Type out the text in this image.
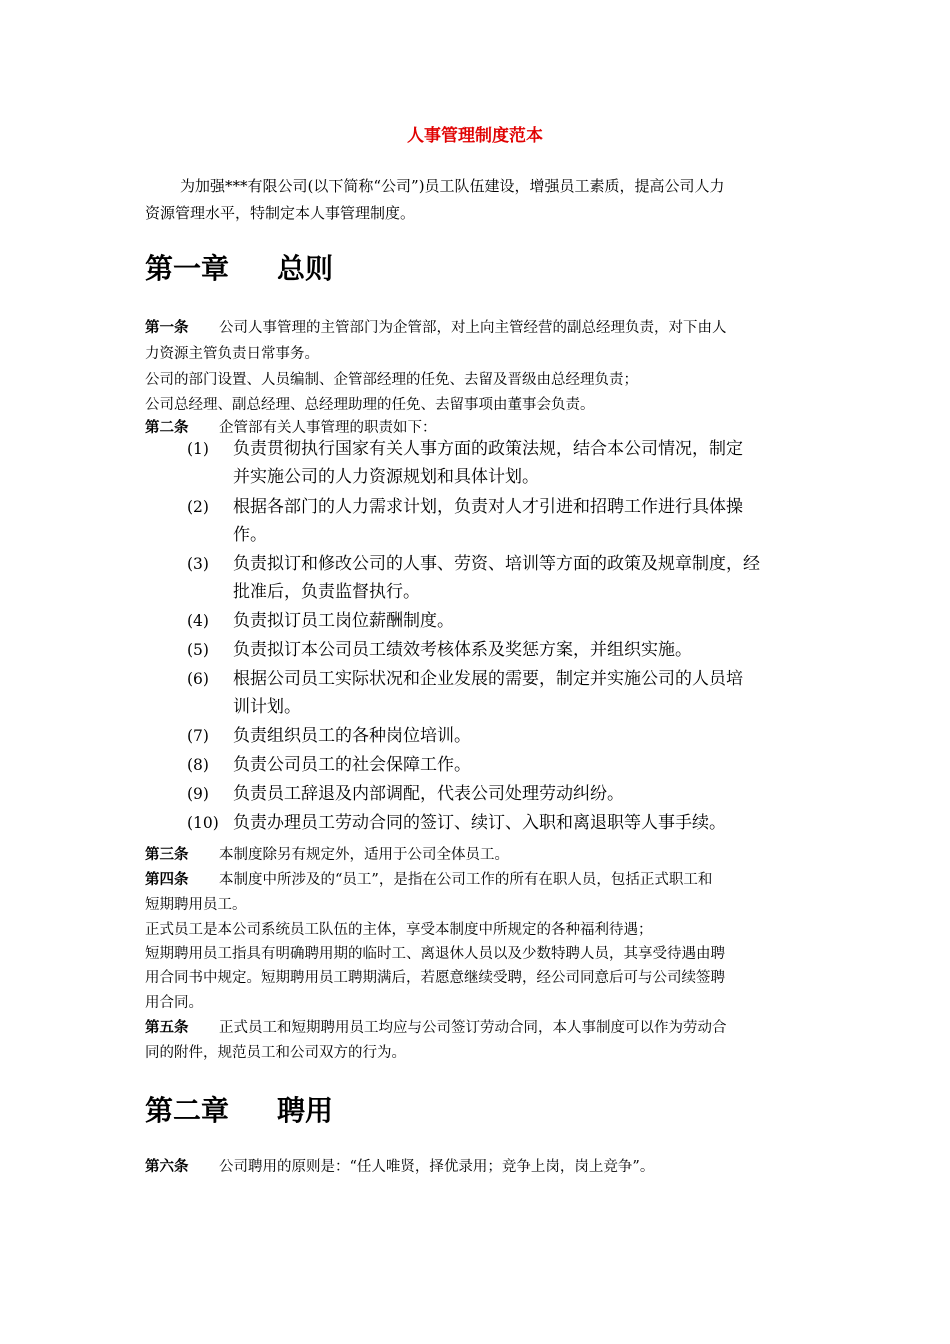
人事管理制度范本
为加强***有限公司(以下简称“公司”)员工队伍建设，增强员工素质，提高公司人力
资源管理水平，特制定本人事管理制度。
第一章 总则
第一条 公司人事管理的主管部门为企管部，对上向主管经营的副总经理负责，对下由人
力资源主管负责日常事务。
公司的部门设置、人员编制、企管部经理的任免、去留及晋级由总经理负责；
公司总经理、副总经理、总经理助理的任免、去留事项由董事会负责。
第二条 企管部有关人事管理的职责如下：
(1) 负责贯彻执行国家有关人事方面的政策法规，结合本公司情况，制定
并实施公司的人力资源规划和具体计划。
(2) 根据各部门的人力需求计划，负责对人才引进和招聘工作进行具体操
作。
(3) 负责拟订和修改公司的人事、劳资、培训等方面的政策及规章制度，经
批准后，负责监督执行。
(4) 负责拟订员工岗位薪酬制度。
(5) 负责拟订本公司员工绩效考核体系及奖惩方案，并组织实施。
(6) 根据公司员工实际状况和企业发展的需要，制定并实施公司的人员培
训计划。
(7) 负责组织员工的各种岗位培训。
(8) 负责公司员工的社会保障工作。
(9) 负责员工辞退及内部调配，代表公司处理劳动纠纷。
(10) 负责办理员工劳动合同的签订、续订、入职和离退职等人事手续。
第三条 本制度除另有规定外，适用于公司全体员工。
第四条 本制度中所涉及的“员工”，是指在公司工作的所有在职人员，包括正式职工和
短期聘用员工。
正式员工是本公司系统员工队伍的主体，享受本制度中所规定的各种福利待遇；
短期聘用员工指具有明确聘用期的临时工、离退休人员以及少数特聘人员，其享受待遇由聘
用合同书中规定。短期聘用员工聘期满后，若愿意继续受聘，经公司同意后可与公司续签聘
用合同。
第五条 正式员工和短期聘用员工均应与公司签订劳动合同，本人事制度可以作为劳动合
同的附件，规范员工和公司双方的行为。
第二章 聘用
第六条 公司聘用的原则是：“任人唯贤，择优录用；竞争上岗，岗上竞争”。
